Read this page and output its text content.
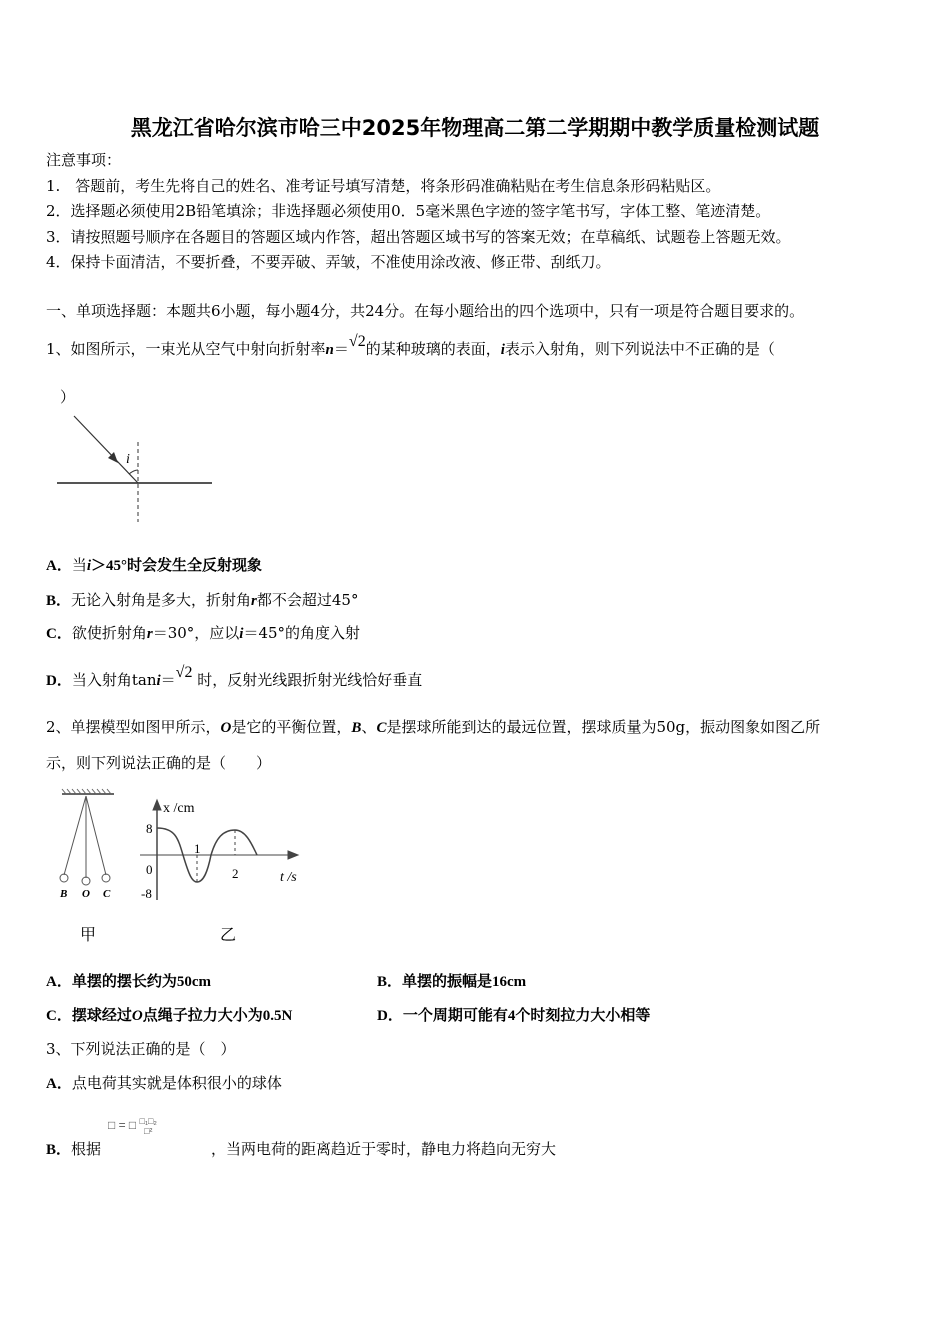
黑龙江省哈尔滨市哈三中2025年物理高二第二学期期中教学质量检测试题
注意事项：
1.　答题前，考生先将自己的姓名、准考证号填写清楚，将条形码准确粘贴在考生信息条形码粘贴区。
2．选择题必须使用2B铅笔填涂；非选择题必须使用0．5毫米黑色字迹的签字笔书写，字体工整、笔迹清楚。
3．请按照题号顺序在各题目的答题区域内作答，超出答题区域书写的答案无效；在草稿纸、试题卷上答题无效。
4．保持卡面清洁，不要折叠，不要弄破、弄皱，不准使用涂改液、修正带、刮纸刀。
一、单项选择题：本题共6小题，每小题4分，共24分。在每小题给出的四个选项中，只有一项是符合题目要求的。
1、如图所示，一束光从空气中射向折射率n＝√2的某种玻璃的表面，i表示入射角，则下列说法中不正确的是（
）
i
A．当i＞45°时会发生全反射现象
B．无论入射角是多大，折射角r都不会超过45°
C．欲使折射角r＝30°，应以i＝45°的角度入射
D．当入射角tani＝√2 时，反射光线跟折射光线恰好垂直
2、单摆模型如图甲所示，O是它的平衡位置，B、C是摆球所能到达的最远位置，摆球质量为50g，振动图象如图乙所
示，则下列说法正确的是（　　）
B O C
x /cm
8
0
-8
1
2	t /s
甲	乙
A．单摆的摆长约为50cm	B．单摆的振幅是16cm
C．摆球经过O点绳子拉力大小为0.5N	D．一个周期可能有4个时刻拉力大小相等
3、下列说法正确的是（　）
A．点电荷其实就是体积很小的球体
□ = □ □₁□₂
□²
B．根据	，当两电荷的距离趋近于零时，静电力将趋向无穷大
